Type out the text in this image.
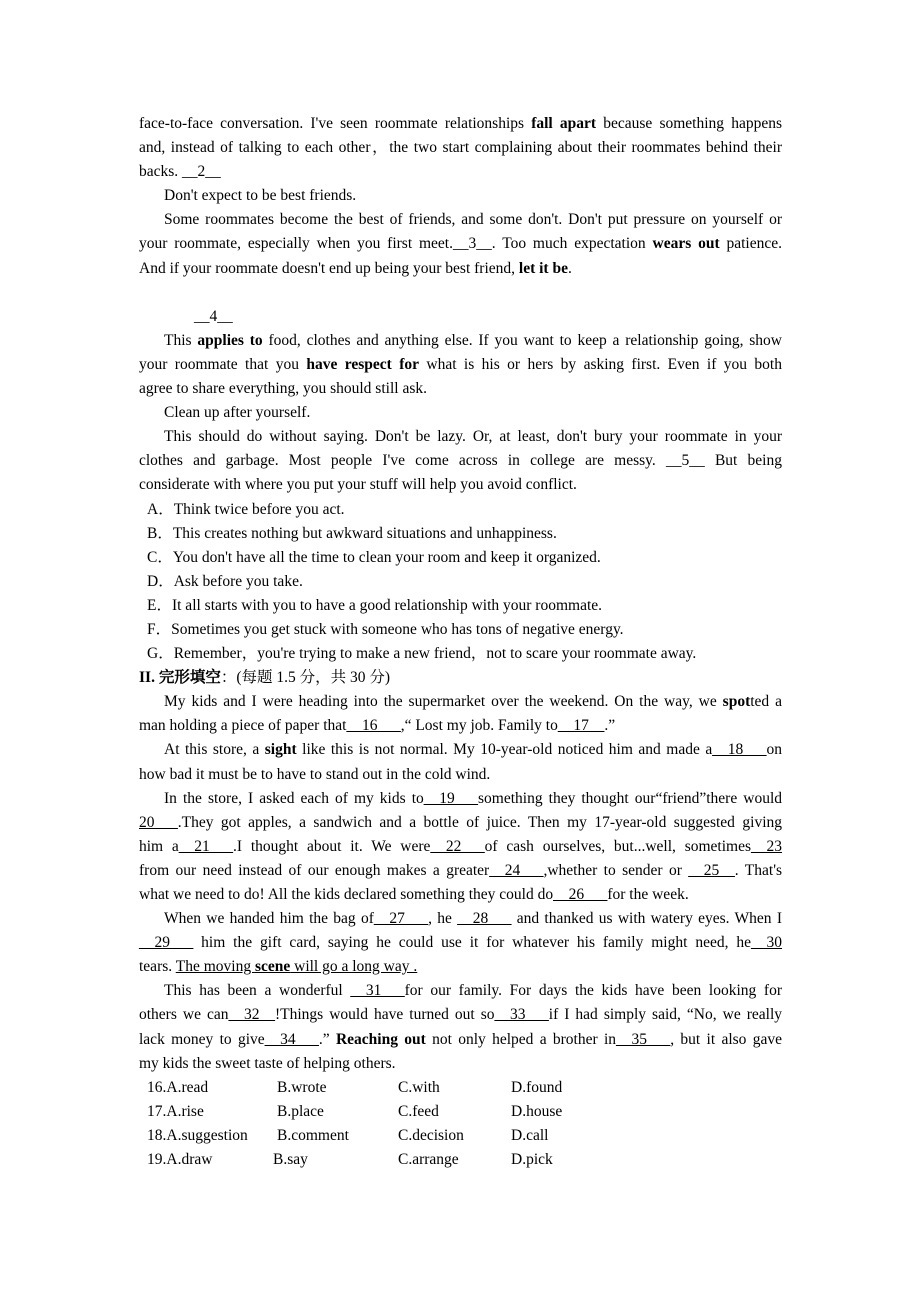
face-to-face conversation. I've seen roommate relationships fall apart because something happens
and, instead of talking to each other，the two start complaining about their roommates behind their
backs. __2__
Don't expect to be best friends.
Some roommates become the best of friends, and some don't. Don't put pressure on yourself or
your roommate, especially when you first meet.__3__. Too much expectation wears out patience.
And if your roommate doesn't end up being your best friend, let it be.
__4__
This applies to food, clothes and anything else. If you want to keep a relationship going, show
your roommate that you have respect for what is his or hers by asking first. Even if you both
agree to share everything, you should still ask.
Clean up after yourself.
This should do without saying. Don't be lazy. Or, at least, don't bury your roommate in your
clothes and garbage. Most people I've come across in college are messy. __5__ But being
considerate with where you put your stuff will help you avoid conflict.
A．Think twice before you act.
B．This creates nothing but awkward situations and unhappiness.
C．You don't have all the time to clean your room and keep it organized.
D．Ask before you take.
E．It all starts with you to have a good relationship with your roommate.
F．Sometimes you get stuck with someone who has tons of negative energy.
G．Remember，you're trying to make a new friend，not to scare your roommate away.
II. 完形填空：(每题 1.5 分，共 30 分)
My kids and I were heading into the supermarket over the weekend. On the way, we spotted a
man holding a piece of paper that__16___,“ Lost my job. Family to__17__.”
At this store, a sight like this is not normal. My 10-year-old noticed him and made a__18___on
how bad it must be to have to stand out in the cold wind.
In the store, I asked each of my kids to__19___something they thought our“friend”there would
20___.They got apples, a sandwich and a bottle of juice. Then my 17-year-old suggested giving
him a__21___.I thought about it. We were__22___of cash ourselves, but...well, sometimes__23
from our need instead of our enough makes a greater__24___,whether to sender or __25__. That's
what we need to do! All the kids declared something they could do__26___for the week.
When we handed him the bag of__27___, he __28___ and thanked us with watery eyes. When I
__29___ him the gift card, saying he could use it for whatever his family might need, he__30
tears. The moving scene will go a long way .
This has been a wonderful __31___for our family. For days the kids have been looking for
others we can__32__!Things would have turned out so__33___if I had simply said, “No, we really
lack money to give__34___.” Reaching out not only helped a brother in__35___, but it also gave
my kids the sweet taste of helping others.
16.A.read	B.wrote	C.with	D.found
17.A.rise	B.place	C.feed	D.house
18.A.suggestion	B.comment	C.decision	D.call
19.A.draw	B.say	C.arrange	D.pick
